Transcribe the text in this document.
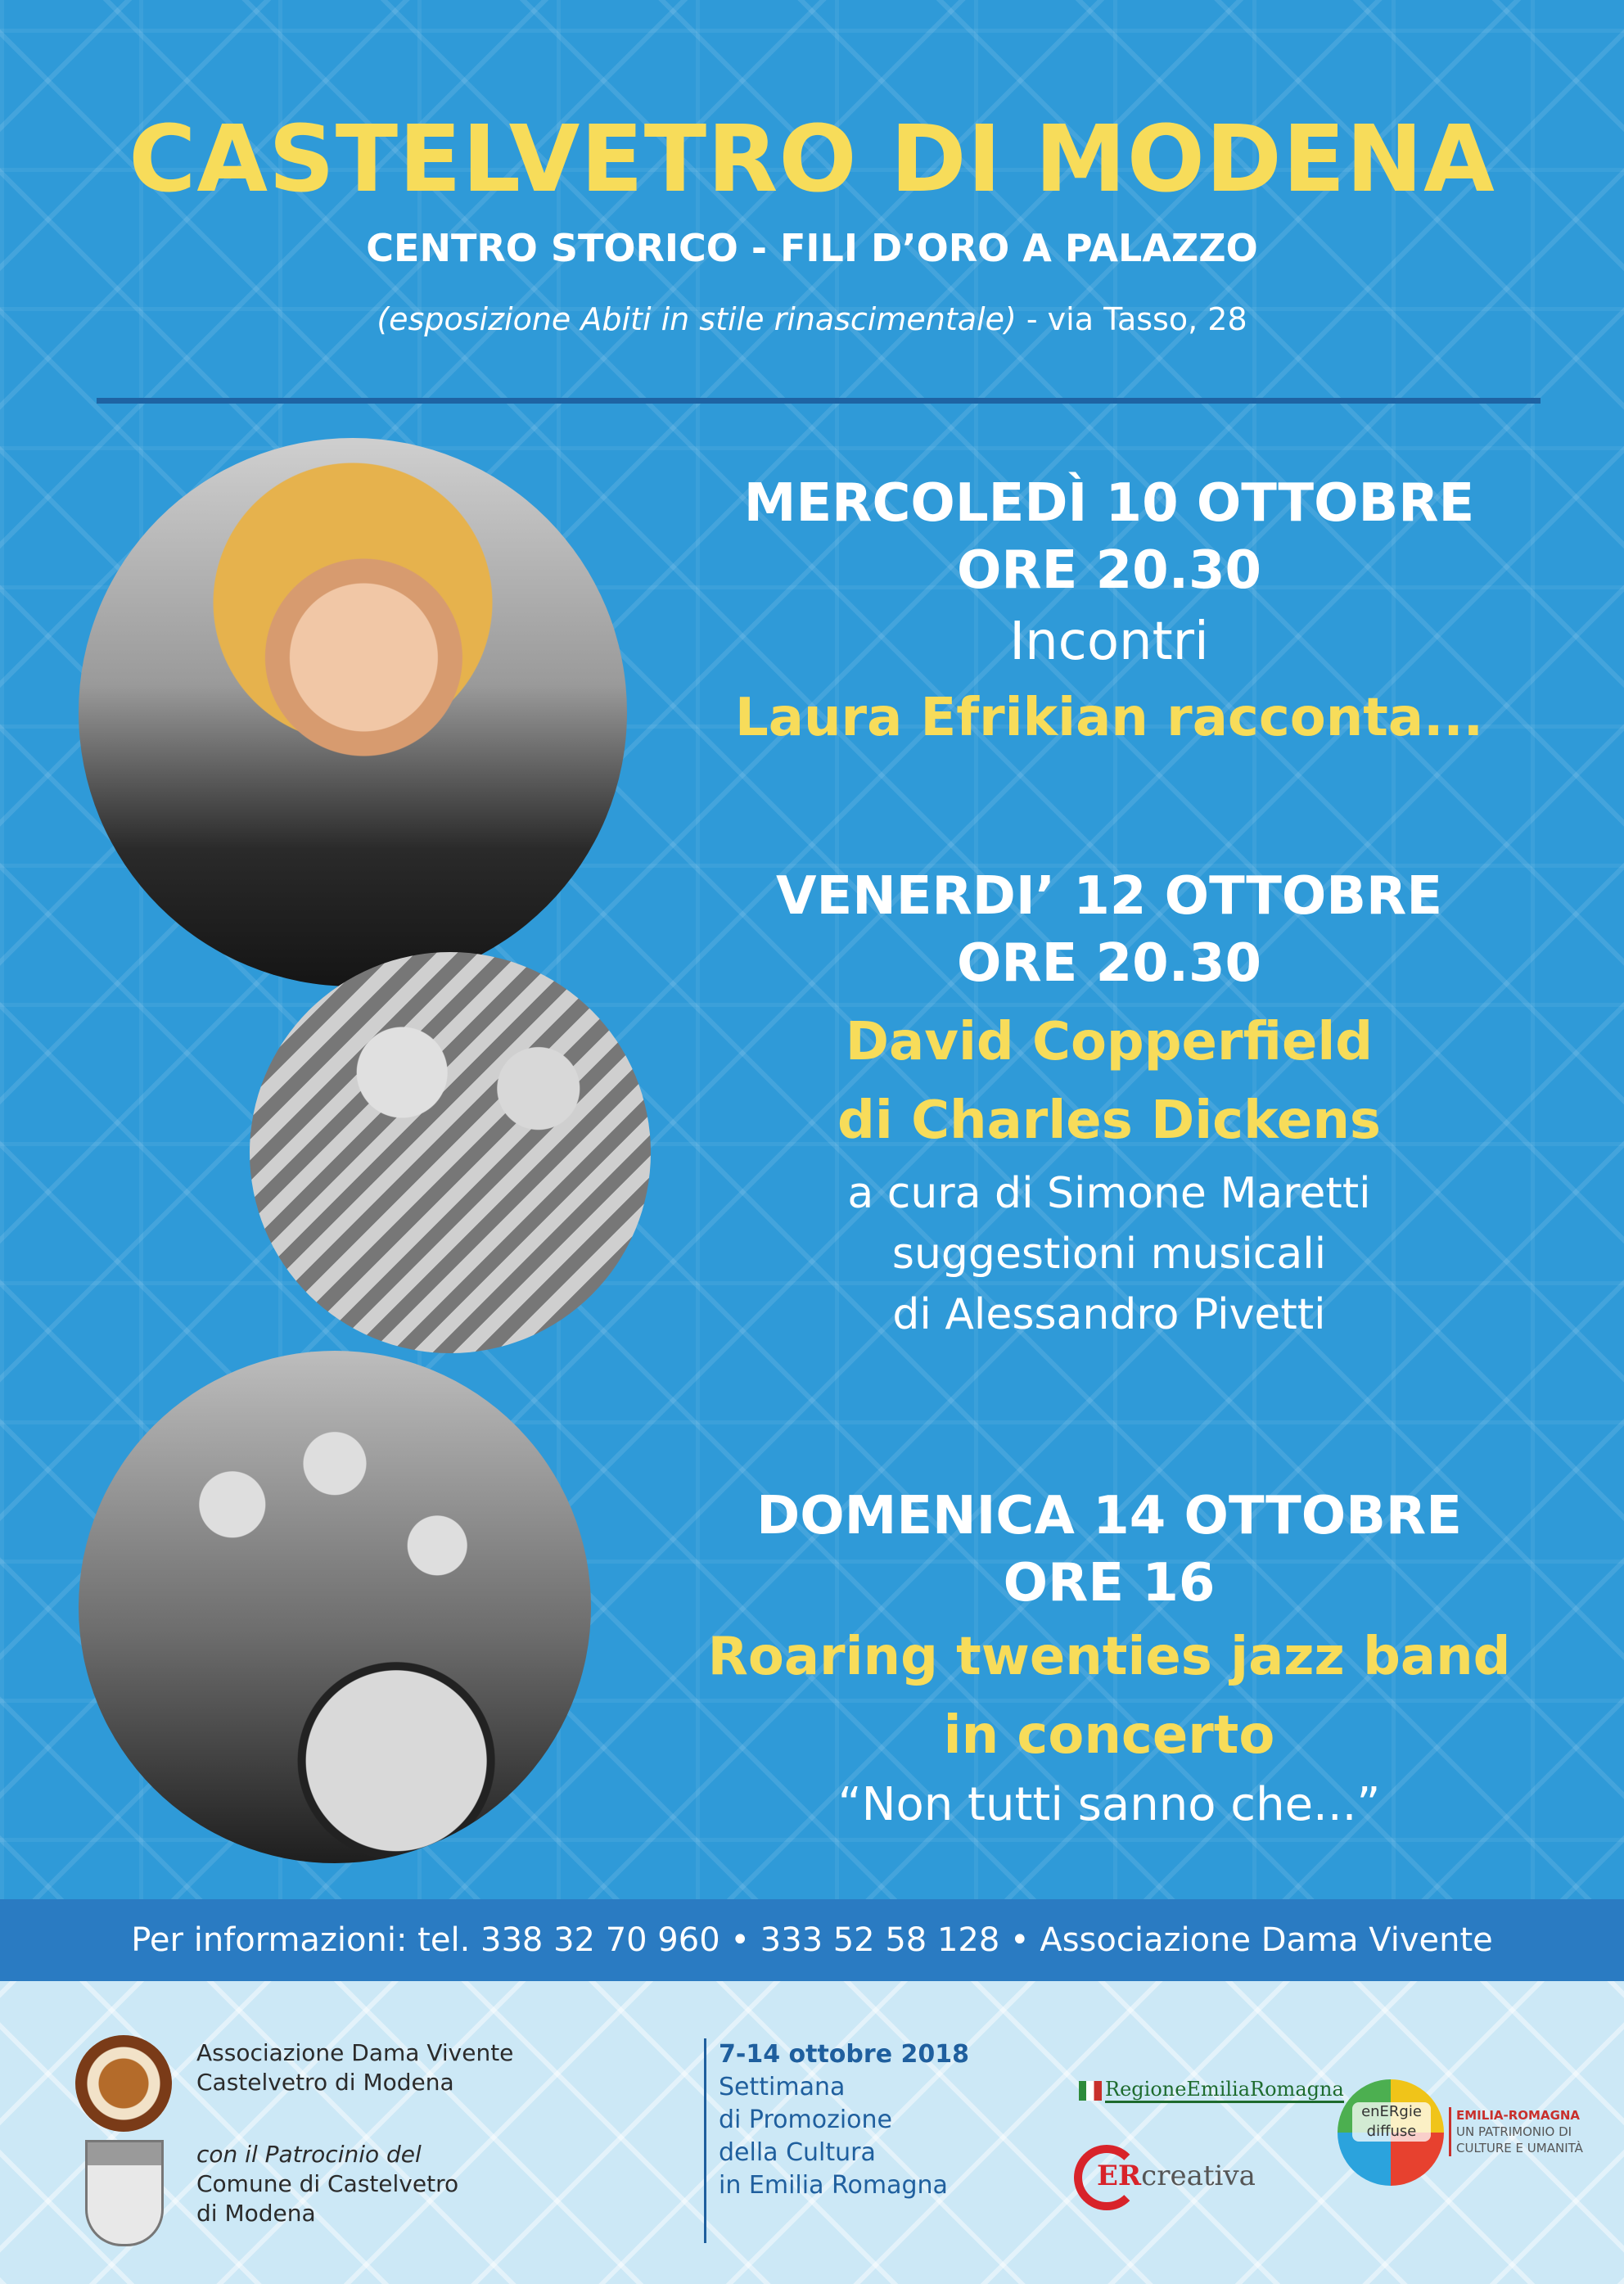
CASTELVETRO DI MODENA
CENTRO STORICO - FILI D’ORO A PALAZZO
(esposizione Abiti in stile rinascimentale) - via Tasso, 28
MERCOLEDÌ 10 OTTOBRE
ORE 20.30
Incontri
Laura Efrikian racconta...
VENERDI’ 12 OTTOBRE
ORE 20.30
David Copperfield
di Charles Dickens
a cura di Simone Maretti
suggestioni musicali
di Alessandro Pivetti
DOMENICA 14 OTTOBRE
ORE 16
Roaring twenties jazz band
in concerto
“Non tutti sanno che...”
Per informazioni: tel. 338 32 70 960 • 333 52 58 128 • Associazione Dama Vivente
Associazione Dama Vivente
Castelvetro di Modena
con il Patrocinio del
Comune di Castelvetro
di Modena
7-14 ottobre 2018
Settimana
di Promozione
della Cultura
in Emilia Romagna
RegioneEmiliaRomagna
ERcreativa
enERgie
diffuse
EMILIA-ROMAGNA
UN PATRIMONIO DI
CULTURE E UMANITÀ
